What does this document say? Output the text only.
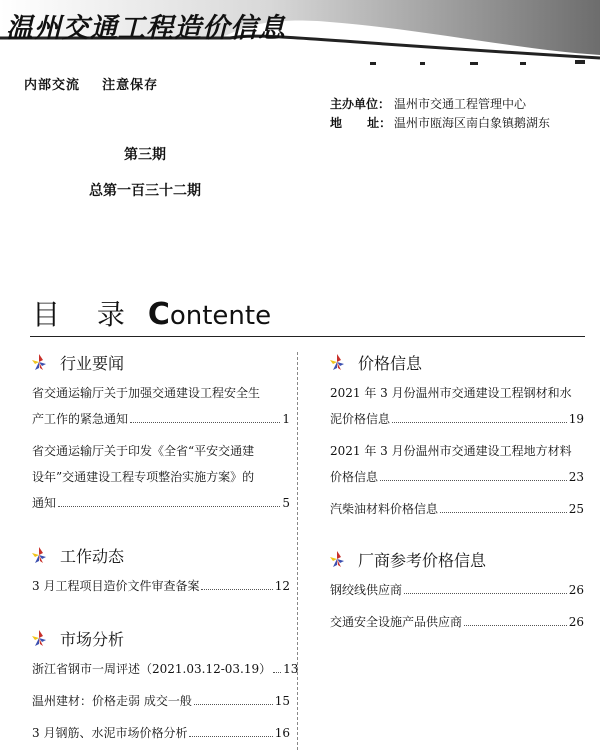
温州交通工程造价信息
内部交流    注意保存
主办单位： 温州市交通工程管理中心
地      址： 温州市瓯海区南白象镇鹅湖东
第三期
总第一百三十二期
目 录 Contente
行业要闻
省交通运输厅关于加强交通建设工程安全生
产工作的紧急通知	1
省交通运输厅关于印发《全省“平安交通建
设年”交通建设工程专项整治实施方案》的
通知	5
工作动态
3 月工程项目造价文件审查备案	12
市场分析
浙江省钢市一周评述（2021.03.12-03.19） 13
温州建材：价格走弱 成交一般	15
3 月钢筋、水泥市场价格分析	16
价格信息
2021 年 3 月份温州市交通建设工程钢材和水
泥价格信息	19
2021 年 3 月份温州市交通建设工程地方材料
价格信息	23
汽柴油材料价格信息	25
厂商参考价格信息
钢绞线供应商	26
交通安全设施产品供应商	26
